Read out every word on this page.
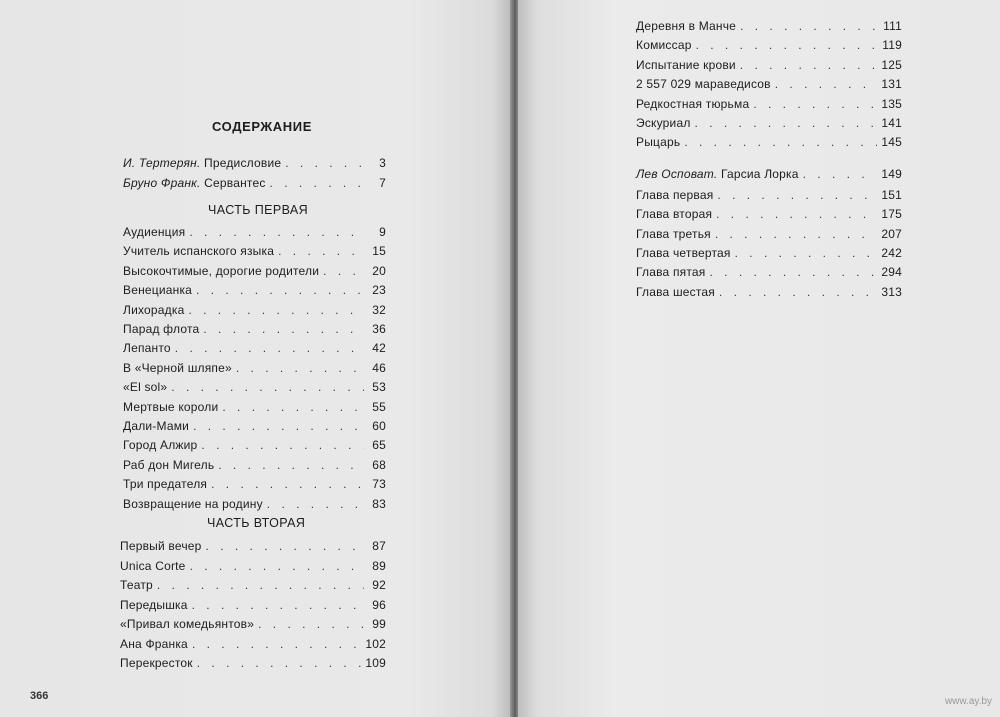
СОДЕРЖАНИЕ
И. Тертерян. Предисловие . . .	3
Бруно Франк. Сервантес . . .	7
ЧАСТЬ ПЕРВАЯ
Аудиенция . . .	9
Учитель испанского языка . . .	15
Высокочтимые, дорогие родители . . .	20
Венецианка . . .	23
Лихорадка . . .	32
Парад флота . . .	36
Лепанто . . .	42
В «Черной шляпе» . . .	46
«El sol» . . .	53
Мертвые короли . . .	55
Дали-Мами . . .	60
Город Алжир . . .	65
Раб дон Мигель . . .	68
Три предателя . . .	73
Возвращение на родину . . .	83
ЧАСТЬ ВТОРАЯ
Первый вечер . . .	87
Unica Corte . . .	89
Театр . . .	92
Передышка . . .	96
«Привал комедьянтов» . . .	99
Ана Франка . . .	102
Перекресток . . .	109
366
Деревня в Манче . . .	111
Комиссар . . .	119
Испытание крови . . .	125
2 557 029 мараведисов . . .	131
Редкостная тюрьма . . .	135
Эскуриал . . .	141
Рыцарь . . .	145
Лев Осповат. Гарсиа Лорка . . .	149
Глава первая . . .	151
Глава вторая . . .	175
Глава третья . . .	207
Глава четвертая . . .	242
Глава пятая . . .	294
Глава шестая . . .	313
www.ay.by
